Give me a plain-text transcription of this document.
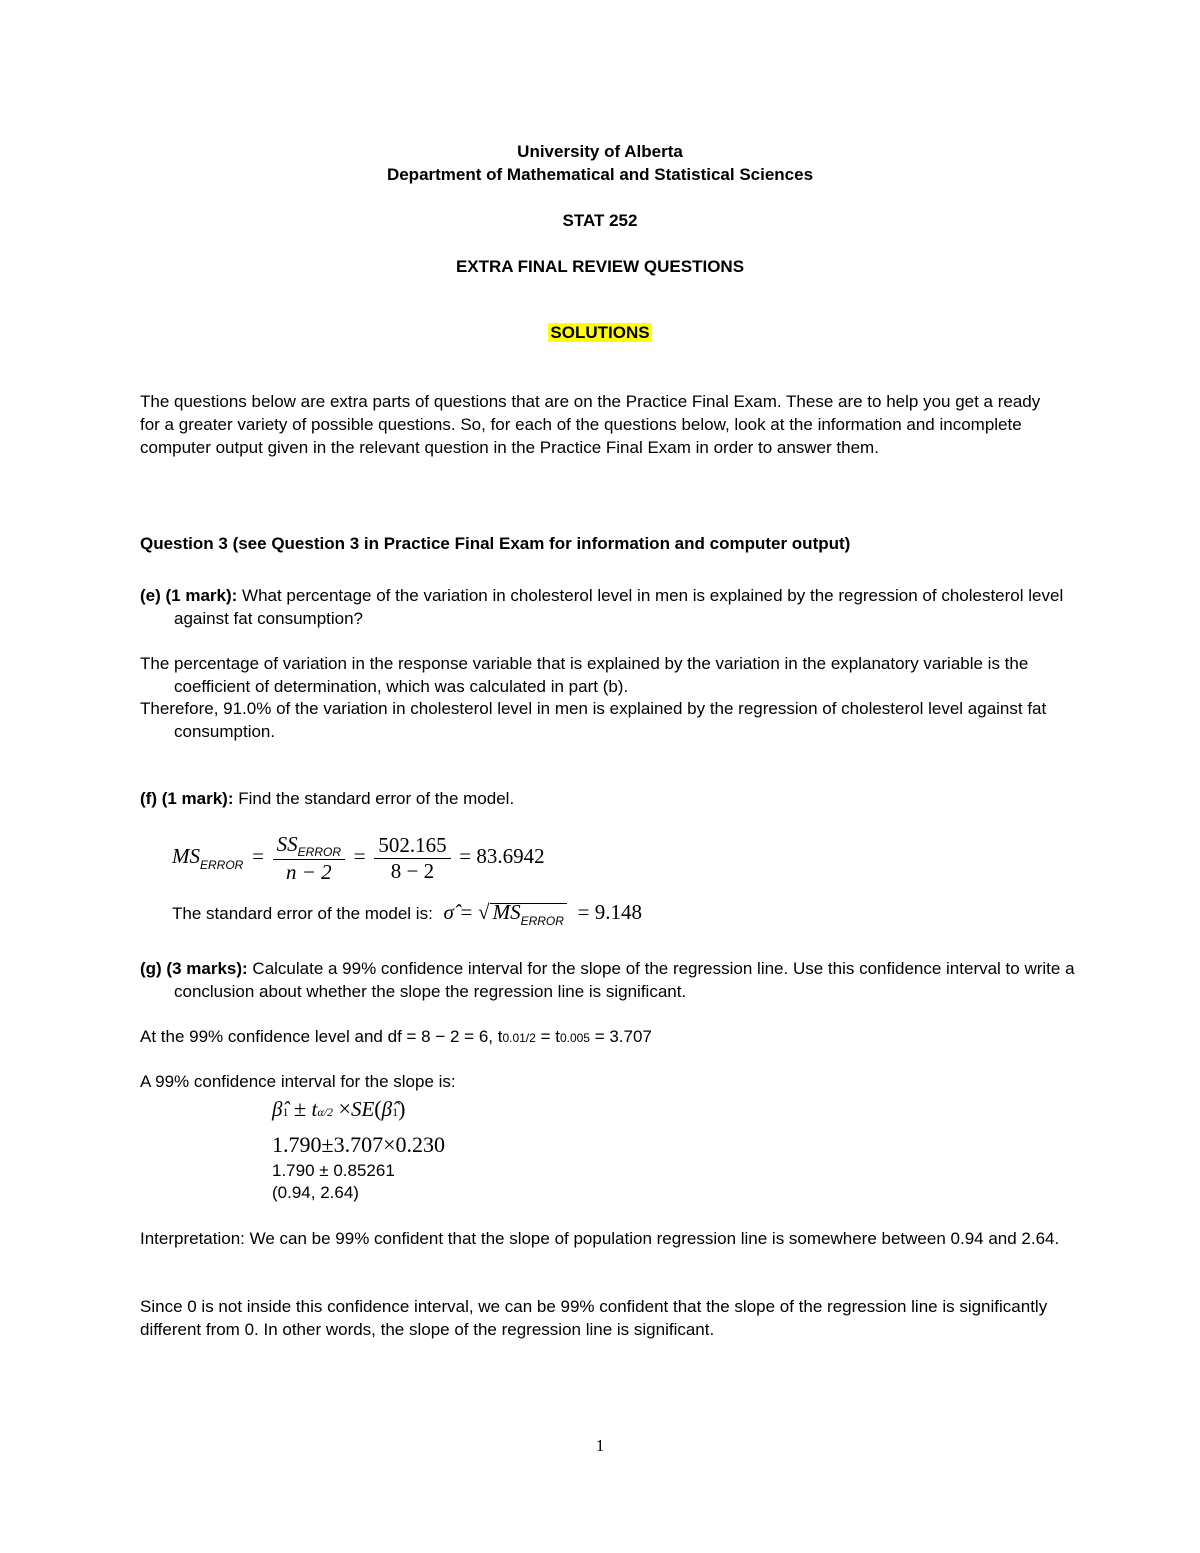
University of Alberta
Department of Mathematical and Statistical Sciences
STAT 252
EXTRA FINAL REVIEW QUESTIONS
SOLUTIONS
The questions below are extra parts of questions that are on the Practice Final Exam. These are to help you get a ready for a greater variety of possible questions. So, for each of the questions below, look at the information and incomplete computer output given in the relevant question in the Practice Final Exam in order to answer them.
Question 3 (see Question 3 in Practice Final Exam for information and computer output)
(e) (1 mark): What percentage of the variation in cholesterol level in men is explained by the regression of cholesterol level against fat consumption?
The percentage of variation in the response variable that is explained by the variation in the explanatory variable is the coefficient of determination, which was calculated in part (b).
Therefore, 91.0% of the variation in cholesterol level in men is explained by the regression of cholesterol level against fat consumption.
(f) (1 mark): Find the standard error of the model.
$MS_{ERROR} = \frac{SS_{ERROR}}{n - 2} = \frac{502.165}{8 - 2} = 83.6942$
The standard error of the model is: σ̂ = √ $MS_{ERROR} = 9.148$
(g) (3 marks): Calculate a 99% confidence interval for the slope of the regression line. Use this confidence interval to write a conclusion about whether the slope the regression line is significant.
At the 99% confidence level and df = 8 − 2 = 6, t0.01/2 = t0.005 = 3.707
A 99% confidence interval for the slope is:
β̂1 ± tα/2 ×SE(β̂1)
1.790±3.707×0.230
1.790 ± 0.85261
(0.94, 2.64)
Interpretation: We can be 99% confident that the slope of population regression line is somewhere between 0.94 and 2.64.
Since 0 is not inside this confidence interval, we can be 99% confident that the slope of the regression line is significantly different from 0. In other words, the slope of the regression line is significant.
1
